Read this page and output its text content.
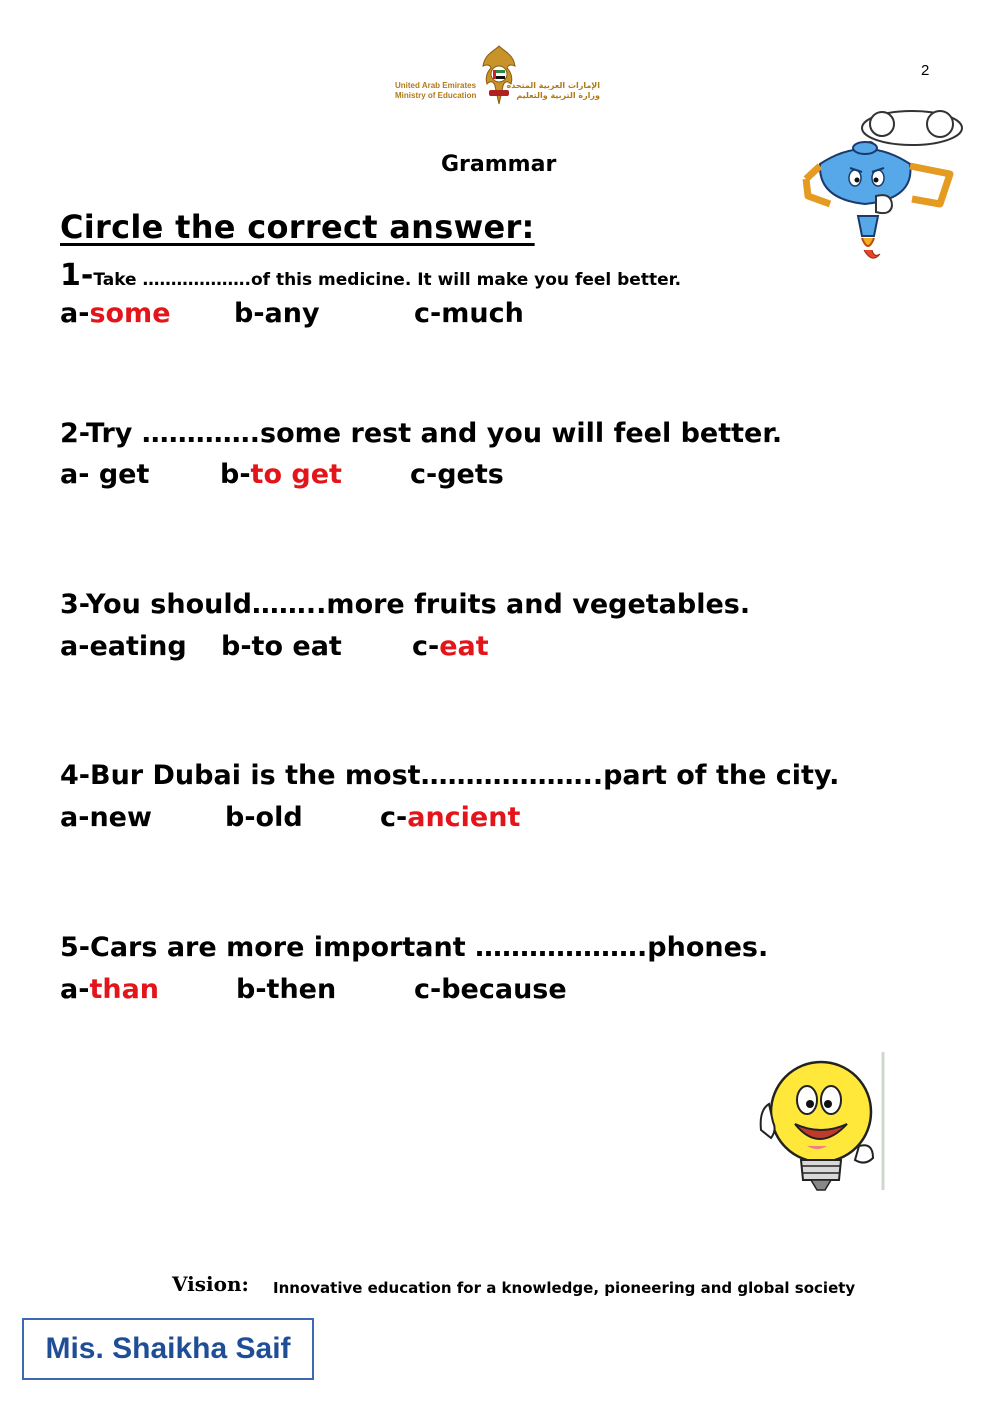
2
United Arab Emirates
Ministry of Education
الإمارات العربية المتحدة
وزارة التربية والتعليم
Grammar
Circle the correct answer:
1-Take ……………….of this medicine. It will make you feel better.
a-some b-any	c-much
2-Try ………….some rest and you will feel better.
a- get	b-to get	c-gets
3-You should……..more fruits and vegetables.
a-eating b-to eat	c-eat
4-Bur Dubai is the most………………..part of the city.
a-new	b-old	c-ancient
5-Cars are more important ……………….phones.
a-than	b-then	c-because
Vision: Innovative education for a knowledge, pioneering and global society
Mis. Shaikha Saif
